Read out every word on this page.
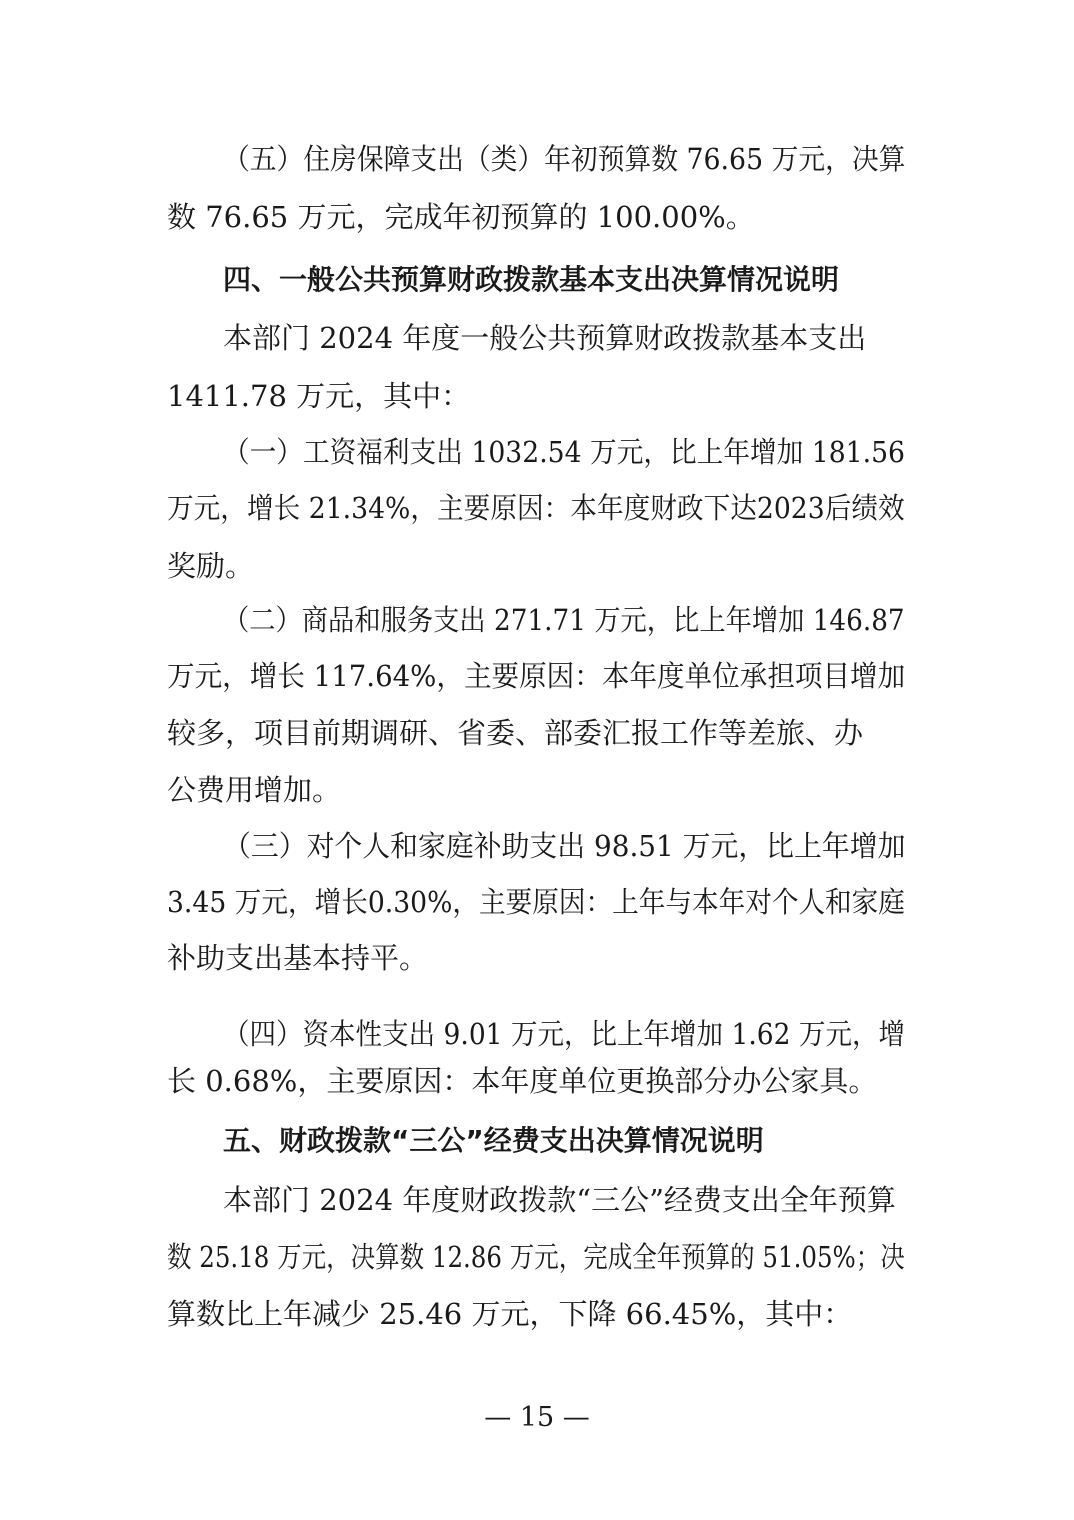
（五）住房保障支出（类）年初预算数 76.65 万元，决算

数 76.65 万元，完成年初预算的 100.00%。

四、一般公共预算财政拨款基本支出决算情况说明

本部门 2024 年度一般公共预算财政拨款基本支出

1411.78 万元，其中：

（一）工资福利支出 1032.54 万元，比上年增加 181.56

万元，增长 21.34%，主要原因：本年度财政下达2023后绩效

奖励。

（二）商品和服务支出 271.71 万元，比上年增加 146.87

万元，增长 117.64%，主要原因：本年度单位承担项目增加

较多，项目前期调研、省委、部委汇报工作等差旅、办

公费用增加。

（三）对个人和家庭补助支出 98.51 万元，比上年增加

3.45 万元，增长0.30%，主要原因：上年与本年对个人和家庭

补助支出基本持平。

（四）资本性支出 9.01 万元，比上年增加 1.62 万元，增

长 0.68%，主要原因：本年度单位更换部分办公家具。

五、财政拨款“三公”经费支出决算情况说明

本部门 2024 年度财政拨款“三公”经费支出全年预算

数 25.18 万元，决算数 12.86 万元，完成全年预算的 51.05%；决

算数比上年减少 25.46 万元，下降 66.45%，其中：

— 15 —
